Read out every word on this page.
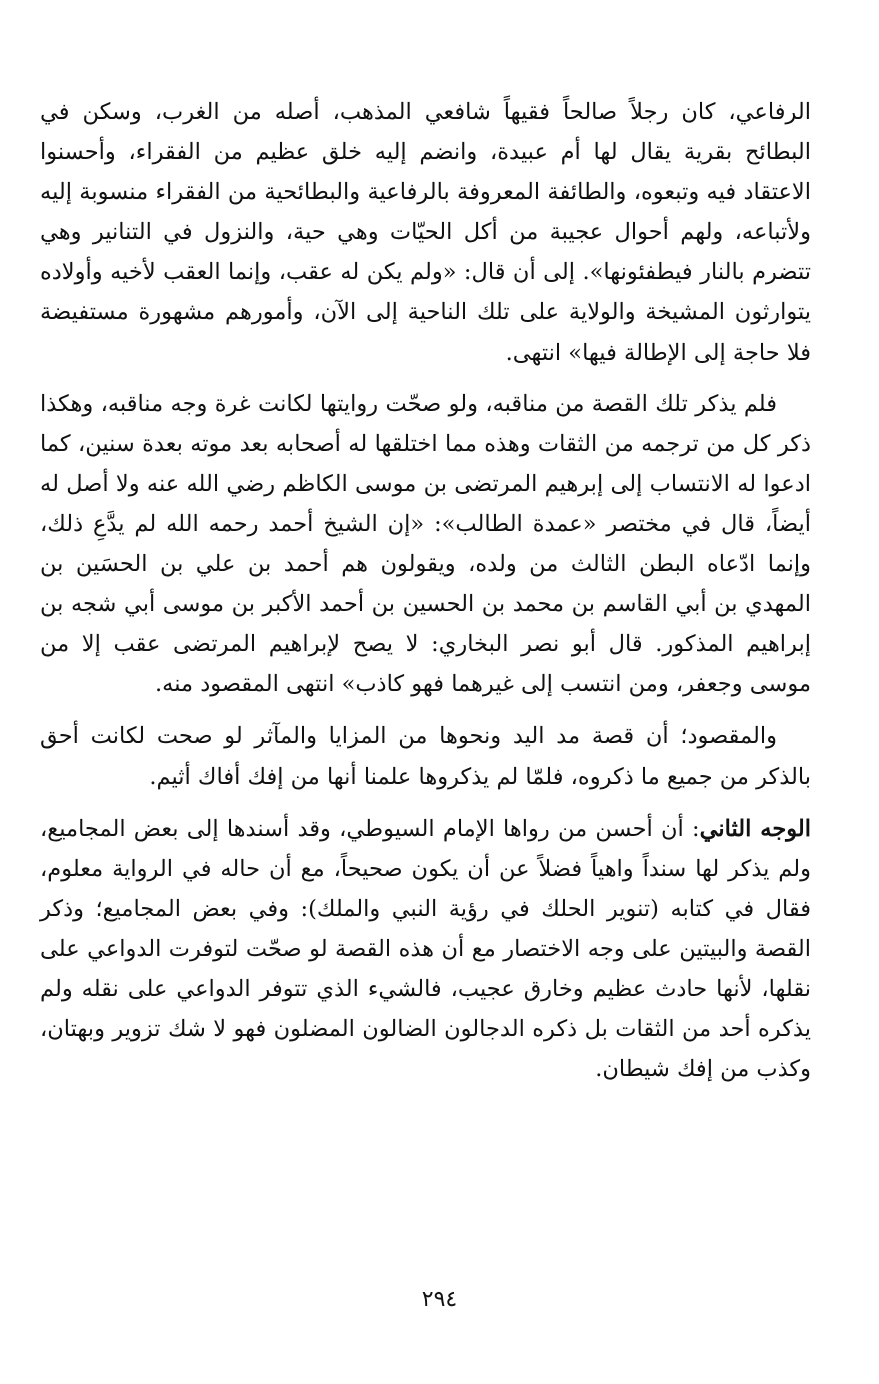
الرفاعي، كان رجلاً صالحاً فقيهاً شافعي المذهب، أصله من الغرب، وسكن في البطائح بقرية يقال لها أم عبيدة، وانضم إليه خلق عظيم من الفقراء، وأحسنوا الاعتقاد فيه وتبعوه، والطائفة المعروفة بالرفاعية والبطائحية من الفقراء منسوبة إليه ولأتباعه، ولهم أحوال عجيبة من أكل الحيّات وهي حية، والنزول في التنانير وهي تتضرم بالنار فيطفئونها». إلى أن قال: «ولم يكن له عقب، وإنما العقب لأخيه وأولاده يتوارثون المشيخة والولاية على تلك الناحية إلى الآن، وأمورهم مشهورة مستفيضة فلا حاجة إلى الإطالة فيها» انتهى.

فلم يذكر تلك القصة من مناقبه، ولو صحّت روايتها لكانت غرة وجه مناقبه، وهكذا ذكر كل من ترجمه من الثقات وهذه مما اختلقها له أصحابه بعد موته بعدة سنين، كما ادعوا له الانتساب إلى إبرهيم المرتضى بن موسى الكاظم رضي الله عنه ولا أصل له أيضاً، قال في مختصر «عمدة الطالب»: «إن الشيخ أحمد رحمه الله لم يدَّعِ ذلك، وإنما ادّعاه البطن الثالث من ولده، ويقولون هم أحمد بن علي بن الحسَين بن المهدي بن أبي القاسم بن محمد بن الحسين بن أحمد الأكبر بن موسى أبي شجه بن إبراهيم المذكور. قال أبو نصر البخاري: لا يصح لإبراهيم المرتضى عقب إلا من موسى وجعفر، ومن انتسب إلى غيرهما فهو كاذب» انتهى المقصود منه.

والمقصود؛ أن قصة مد اليد ونحوها من المزايا والمآثر لو صحت لكانت أحق بالذكر من جميع ما ذكروه، فلمّا لم يذكروها علمنا أنها من إفك أفاك أثيم.

الوجه الثاني: أن أحسن من رواها الإمام السيوطي، وقد أسندها إلى بعض المجاميع، ولم يذكر لها سنداً واهياً فضلاً عن أن يكون صحيحاً، مع أن حاله في الرواية معلوم، فقال في كتابه (تنوير الحلك في رؤية النبي والملك): وفي بعض المجاميع؛ وذكر القصة والبيتين على وجه الاختصار مع أن هذه القصة لو صحّت لتوفرت الدواعي على نقلها، لأنها حادث عظيم وخارق عجيب، فالشيء الذي تتوفر الدواعي على نقله ولم يذكره أحد من الثقات بل ذكره الدجالون الضالون المضلون فهو لا شك تزوير وبهتان، وكذب من إفك شيطان.

٢٩٤
